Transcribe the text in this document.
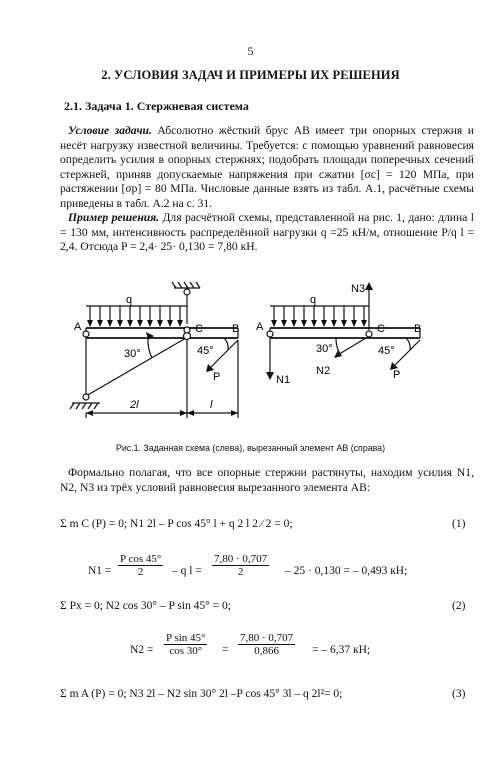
5
2. УСЛОВИЯ ЗАДАЧ И ПРИМЕРЫ ИХ РЕШЕНИЯ
2.1. Задача 1. Стержневая система
Условие задачи. Абсолютно жёсткий брус АВ имеет три опорных стержня и несёт нагрузку известной величины. Требуется: с помощью уравнений равновесия определить усилия в опорных стержнях; подобрать площади поперечных сечений стержней, приняв допускаемые напряжения при сжатии [σc] = 120 МПа, при растяжении [σp] = 80 МПа. Числовые данные взять из табл. А.1, расчётные схемы приведены в табл. А.2 на с. 31.
Пример решения. Для расчётной схемы, представленной на рис. 1, дано: длина l = 130 мм, интенсивность распределённой нагрузки q =25 кН/м, отношение P/q l = 2,4. Отсюда P = 2,4· 25· 0,130 = 7,80 кН.
q
A	C	B
30°	45°
P
2l	l
N3
q
A	C	B
30°	45°
N1
N2	P
Рис.1. Заданная схема (слева), вырезанный элемент АВ (справа)
Формально полагая, что все опорные стержни растянуты, находим усилия N1, N2, N3 из трёх условий равновесия вырезанного элемента АВ:
Σ m C (P) = 0; N1 2l – P cos 45° l + q 2 l 2 ⁄ 2 = 0;	(1)
$N1 = \frac{\text{P cos 45°}}{2} - q$ $l = \frac{7,80 \cdot 0,707}{2} - 25 \cdot 0,130$ = – 0,493 кН;
Σ Px = 0; N2 cos 30° – P sin 45° = 0;	(2)
$N2 = \frac{\text{P sin 45°}}{\cos 30^\circ} = \frac{7,80 \cdot 0,707}{0,866}$ = – 6,37 кН;
Σ m A (P) = 0; N3 2l – N2 sin 30° 2l –P cos 45° 3l – q 2l²= 0;	(3)
